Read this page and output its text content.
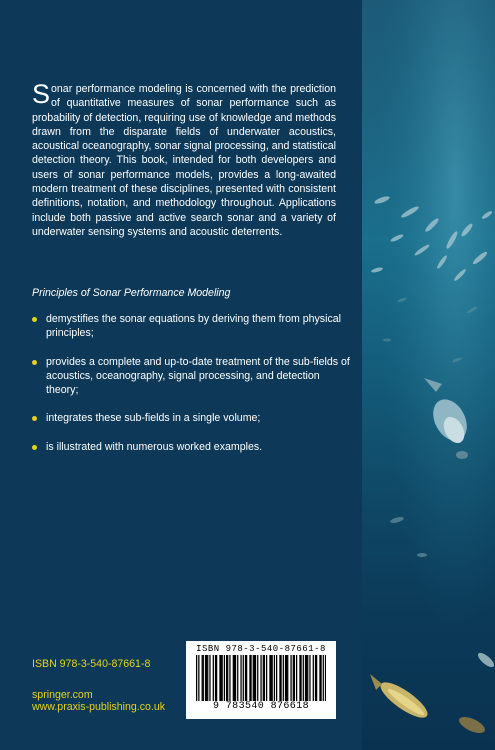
Sonar performance modeling is concerned with the prediction of quantitative measures of sonar performance such as probability of detection, requiring use of knowledge and methods drawn from the disparate fields of underwater acoustics, acoustical oceanography, sonar signal processing, and statistical detection theory. This book, intended for both developers and users of sonar performance models, provides a long-awaited modern treatment of these disciplines, presented with consistent definitions, notation, and methodology throughout. Applications include both passive and active search sonar and a variety of underwater sensing systems and acoustic deterrents.

Principles of Sonar Performance Modeling

demystifies the sonar equations by deriving them from physical principles;
provides a complete and up-to-date treatment of the sub-fields of acoustics, oceanography, signal processing, and detection theory;
integrates these sub-fields in a single volume;
is illustrated with numerous worked examples.

ISBN 978-3-540-87661-8

springer.com

www.praxis-publishing.co.uk

ISBN 978-3-540-87661-8
9 783540 876618
